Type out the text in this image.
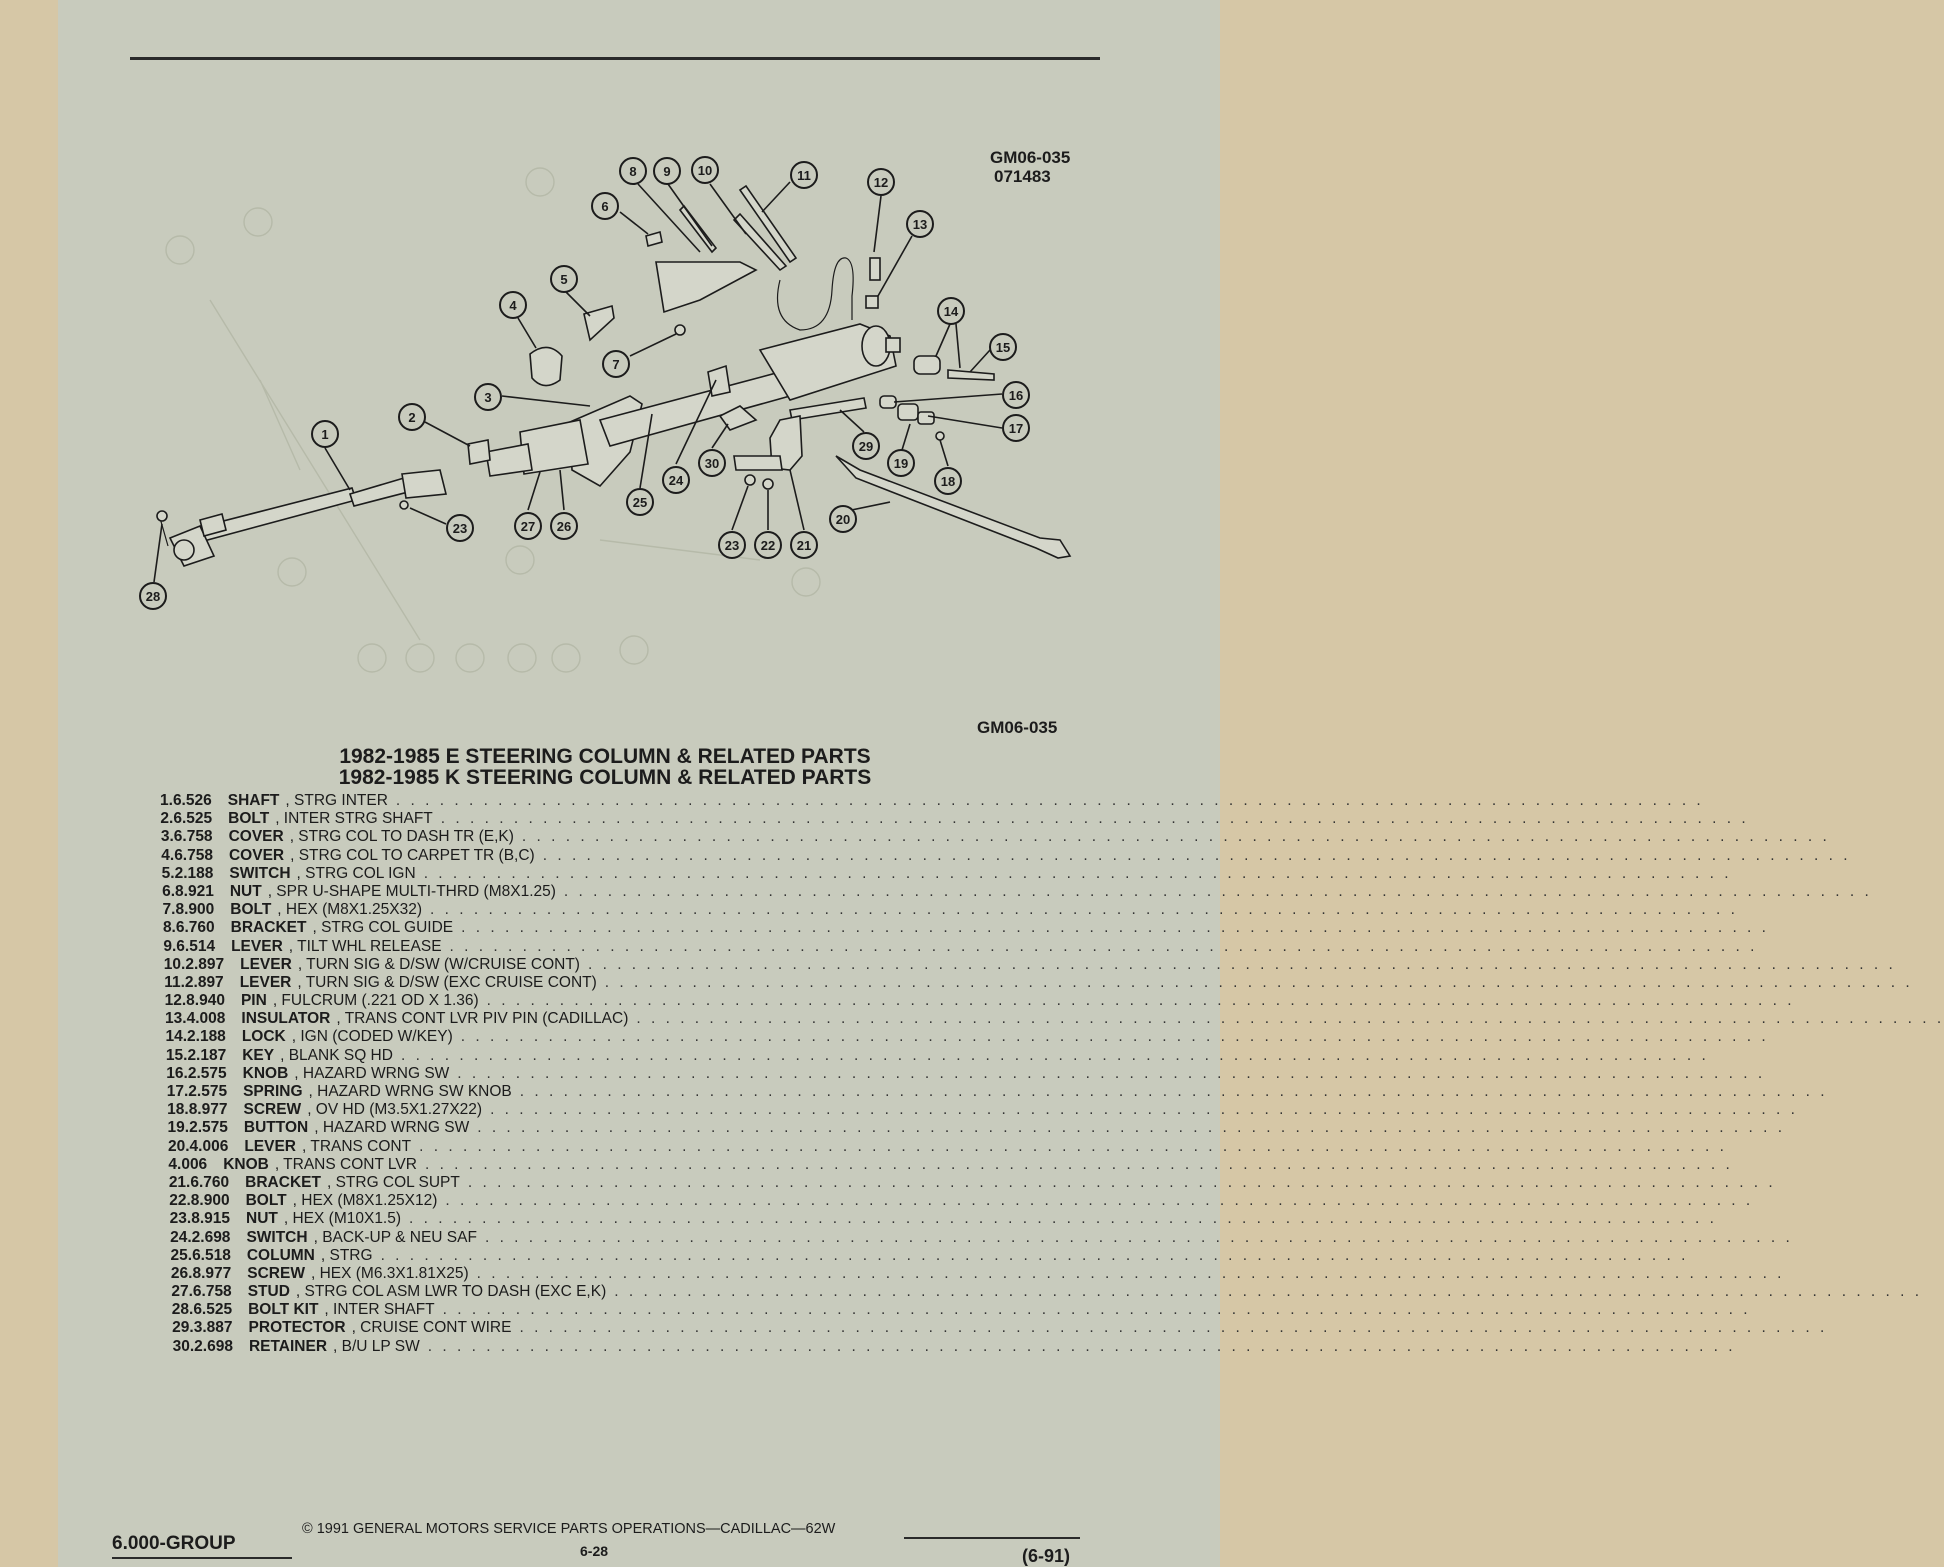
GM06-035
071483
1
2
3
4
5
6
7
8 9 10	11	12
13
14
15
16
17
18
19
20
21
22
23
23
24
25
26
27
28
29
30
GM06-035
1982-1985 E STEERING COLUMN & RELATED PARTS
1982-1985 K STEERING COLUMN & RELATED PARTS
1. 6.526 SHAFT , STRG INTER . . . . . . . . . . . . . . . . . . . . . . . . . . . . . . . . . . . . . . . . . . . . . . . . . . . . . . . . . . . . . . . . . . . . . . . . . . . . . . . . . . . . . . . . . .
2. 6.525 BOLT , INTER STRG SHAFT . . . . . . . . . . . . . . . . . . . . . . . . . . . . . . . . . . . . . . . . . . . . . . . . . . . . . . . . . . . . . . . . . . . . . . . . . . . . . . . . . . . . . . . . . .
3. 6.758 COVER , STRG COL TO DASH TR (E,K) . . . . . . . . . . . . . . . . . . . . . . . . . . . . . . . . . . . . . . . . . . . . . . . . . . . . . . . . . . . . . . . . . . . . . . . . . . . . . . . . . . . . . . . . . .
4. 6.758 COVER , STRG COL TO CARPET TR (B,C) . . . . . . . . . . . . . . . . . . . . . . . . . . . . . . . . . . . . . . . . . . . . . . . . . . . . . . . . . . . . . . . . . . . . . . . . . . . . . . . . . . . . . . . . . .
5. 2.188 SWITCH , STRG COL IGN . . . . . . . . . . . . . . . . . . . . . . . . . . . . . . . . . . . . . . . . . . . . . . . . . . . . . . . . . . . . . . . . . . . . . . . . . . . . . . . . . . . . . . . . . .
6. 8.921 NUT , SPR U-SHAPE MULTI-THRD (M8X1.25) . . . . . . . . . . . . . . . . . . . . . . . . . . . . . . . . . . . . . . . . . . . . . . . . . . . . . . . . . . . . . . . . . . . . . . . . . . . . . . . . . . . . . . . . . .
7. 8.900 BOLT , HEX (M8X1.25X32) . . . . . . . . . . . . . . . . . . . . . . . . . . . . . . . . . . . . . . . . . . . . . . . . . . . . . . . . . . . . . . . . . . . . . . . . . . . . . . . . . . . . . . . . . .
8. 6.760 BRACKET , STRG COL GUIDE . . . . . . . . . . . . . . . . . . . . . . . . . . . . . . . . . . . . . . . . . . . . . . . . . . . . . . . . . . . . . . . . . . . . . . . . . . . . . . . . . . . . . . . . . .
9. 6.514 LEVER , TILT WHL RELEASE . . . . . . . . . . . . . . . . . . . . . . . . . . . . . . . . . . . . . . . . . . . . . . . . . . . . . . . . . . . . . . . . . . . . . . . . . . . . . . . . . . . . . . . . . .
10. 2.897 LEVER , TURN SIG & D/SW (W/CRUISE CONT) . . . . . . . . . . . . . . . . . . . . . . . . . . . . . . . . . . . . . . . . . . . . . . . . . . . . . . . . . . . . . . . . . . . . . . . . . . . . . . . . . . . . . . . . . .
11. 2.897 LEVER , TURN SIG & D/SW (EXC CRUISE CONT) . . . . . . . . . . . . . . . . . . . . . . . . . . . . . . . . . . . . . . . . . . . . . . . . . . . . . . . . . . . . . . . . . . . . . . . . . . . . . . . . . . . . . . . . . .
12. 8.940 PIN , FULCRUM (.221 OD X 1.36) . . . . . . . . . . . . . . . . . . . . . . . . . . . . . . . . . . . . . . . . . . . . . . . . . . . . . . . . . . . . . . . . . . . . . . . . . . . . . . . . . . . . . . . . . .
13. 4.008 INSULATOR , TRANS CONT LVR PIV PIN (CADILLAC) . . . . . . . . . . . . . . . . . . . . . . . . . . . . . . . . . . . . . . . . . . . . . . . . . . . . . . . . . . . . . . . . . . . . . . . . . . . . . . . . . . . . . . . . . .
14. 2.188 LOCK , IGN (CODED W/KEY) . . . . . . . . . . . . . . . . . . . . . . . . . . . . . . . . . . . . . . . . . . . . . . . . . . . . . . . . . . . . . . . . . . . . . . . . . . . . . . . . . . . . . . . . . .
15. 2.187 KEY , BLANK SQ HD . . . . . . . . . . . . . . . . . . . . . . . . . . . . . . . . . . . . . . . . . . . . . . . . . . . . . . . . . . . . . . . . . . . . . . . . . . . . . . . . . . . . . . . . . .
16. 2.575 KNOB , HAZARD WRNG SW . . . . . . . . . . . . . . . . . . . . . . . . . . . . . . . . . . . . . . . . . . . . . . . . . . . . . . . . . . . . . . . . . . . . . . . . . . . . . . . . . . . . . . . . . .
17. 2.575 SPRING , HAZARD WRNG SW KNOB . . . . . . . . . . . . . . . . . . . . . . . . . . . . . . . . . . . . . . . . . . . . . . . . . . . . . . . . . . . . . . . . . . . . . . . . . . . . . . . . . . . . . . . . . .
18. 8.977 SCREW , OV HD (M3.5X1.27X22) . . . . . . . . . . . . . . . . . . . . . . . . . . . . . . . . . . . . . . . . . . . . . . . . . . . . . . . . . . . . . . . . . . . . . . . . . . . . . . . . . . . . . . . . . .
19. 2.575 BUTTON , HAZARD WRNG SW . . . . . . . . . . . . . . . . . . . . . . . . . . . . . . . . . . . . . . . . . . . . . . . . . . . . . . . . . . . . . . . . . . . . . . . . . . . . . . . . . . . . . . . . . .
20. 4.006 LEVER , TRANS CONT . . . . . . . . . . . . . . . . . . . . . . . . . . . . . . . . . . . . . . . . . . . . . . . . . . . . . . . . . . . . . . . . . . . . . . . . . . . . . . . . . . . . . . . . . .
4.006 KNOB , TRANS CONT LVR . . . . . . . . . . . . . . . . . . . . . . . . . . . . . . . . . . . . . . . . . . . . . . . . . . . . . . . . . . . . . . . . . . . . . . . . . . . . . . . . . . . . . . . . . .
21. 6.760 BRACKET , STRG COL SUPT . . . . . . . . . . . . . . . . . . . . . . . . . . . . . . . . . . . . . . . . . . . . . . . . . . . . . . . . . . . . . . . . . . . . . . . . . . . . . . . . . . . . . . . . . .
22. 8.900 BOLT , HEX (M8X1.25X12) . . . . . . . . . . . . . . . . . . . . . . . . . . . . . . . . . . . . . . . . . . . . . . . . . . . . . . . . . . . . . . . . . . . . . . . . . . . . . . . . . . . . . . . . . .
23. 8.915 NUT , HEX (M10X1.5) . . . . . . . . . . . . . . . . . . . . . . . . . . . . . . . . . . . . . . . . . . . . . . . . . . . . . . . . . . . . . . . . . . . . . . . . . . . . . . . . . . . . . . . . . .
24. 2.698 SWITCH , BACK-UP & NEU SAF . . . . . . . . . . . . . . . . . . . . . . . . . . . . . . . . . . . . . . . . . . . . . . . . . . . . . . . . . . . . . . . . . . . . . . . . . . . . . . . . . . . . . . . . . .
25. 6.518 COLUMN , STRG . . . . . . . . . . . . . . . . . . . . . . . . . . . . . . . . . . . . . . . . . . . . . . . . . . . . . . . . . . . . . . . . . . . . . . . . . . . . . . . . . . . . . . . . . .
26. 8.977 SCREW , HEX (M6.3X1.81X25) . . . . . . . . . . . . . . . . . . . . . . . . . . . . . . . . . . . . . . . . . . . . . . . . . . . . . . . . . . . . . . . . . . . . . . . . . . . . . . . . . . . . . . . . . .
27. 6.758 STUD , STRG COL ASM LWR TO DASH (EXC E,K) . . . . . . . . . . . . . . . . . . . . . . . . . . . . . . . . . . . . . . . . . . . . . . . . . . . . . . . . . . . . . . . . . . . . . . . . . . . . . . . . . . . . . . . . . .
28. 6.525 BOLT KIT , INTER SHAFT . . . . . . . . . . . . . . . . . . . . . . . . . . . . . . . . . . . . . . . . . . . . . . . . . . . . . . . . . . . . . . . . . . . . . . . . . . . . . . . . . . . . . . . . . .
29. 3.887 PROTECTOR , CRUISE CONT WIRE . . . . . . . . . . . . . . . . . . . . . . . . . . . . . . . . . . . . . . . . . . . . . . . . . . . . . . . . . . . . . . . . . . . . . . . . . . . . . . . . . . . . . . . . . .
30. 2.698 RETAINER , B/U LP SW . . . . . . . . . . . . . . . . . . . . . . . . . . . . . . . . . . . . . . . . . . . . . . . . . . . . . . . . . . . . . . . . . . . . . . . . . . . . . . . . . . . . . . . . . .
© 1991 GENERAL MOTORS SERVICE PARTS OPERATIONS—CADILLAC—62W
6.000-GROUP	6-28	(6-91)
